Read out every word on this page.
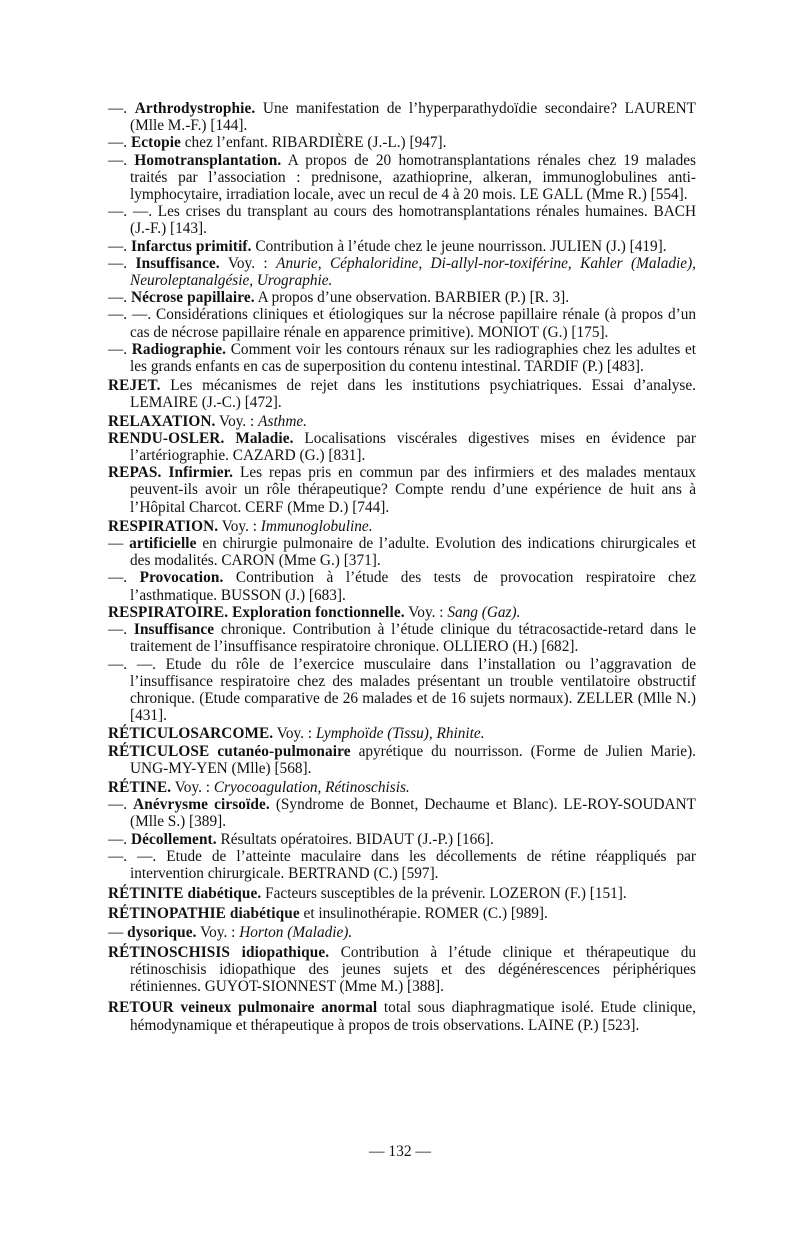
—. Arthrodystrophie. Une manifestation de l’hyperparathydoïdie secondaire? LAURENT (Mlle M.-F.) [144].

—. Ectopie chez l’enfant. RIBARDIÈRE (J.-L.) [947].

—. Homotransplantation. A propos de 20 homotransplantations rénales chez 19 malades traités par l’association : prednisone, azathioprine, alkeran, immunoglobulines anti-lymphocytaire, irradiation locale, avec un recul de 4 à 20 mois. LE GALL (Mme R.) [554].

—. —. Les crises du transplant au cours des homotransplantations rénales humaines. BACH (J.-F.) [143].

—. Infarctus primitif. Contribution à l’étude chez le jeune nourrisson. JULIEN (J.) [419].

—. Insuffisance. Voy. : Anurie, Céphaloridine, Di-allyl-nor-toxiférine, Kahler (Maladie), Neuroleptanalgésie, Urographie.

—. Nécrose papillaire. A propos d’une observation. BARBIER (P.) [R. 3].

—. —. Considérations cliniques et étiologiques sur la nécrose papillaire rénale (à propos d’un cas de nécrose papillaire rénale en apparence primitive). MONIOT (G.) [175].

—. Radiographie. Comment voir les contours rénaux sur les radiographies chez les adultes et les grands enfants en cas de superposition du contenu intestinal. TARDIF (P.) [483].

REJET. Les mécanismes de rejet dans les institutions psychiatriques. Essai d’analyse. LEMAIRE (J.-C.) [472].

RELAXATION. Voy. : Asthme.

RENDU-OSLER. Maladie. Localisations viscérales digestives mises en évidence par l’artériographie. CAZARD (G.) [831].

REPAS. Infirmier. Les repas pris en commun par des infirmiers et des malades mentaux peuvent-ils avoir un rôle thérapeutique? Compte rendu d’une expérience de huit ans à l’Hôpital Charcot. CERF (Mme D.) [744].

RESPIRATION. Voy. : Immunoglobuline.

— artificielle en chirurgie pulmonaire de l’adulte. Evolution des indications chirurgicales et des modalités. CARON (Mme G.) [371].

—. Provocation. Contribution à l’étude des tests de provocation respiratoire chez l’asthmatique. BUSSON (J.) [683].

RESPIRATOIRE. Exploration fonctionnelle. Voy. : Sang (Gaz).

—. Insuffisance chronique. Contribution à l’étude clinique du tétracosactide-retard dans le traitement de l’insuffisance respiratoire chronique. OLLIERO (H.) [682].

—. —. Etude du rôle de l’exercice musculaire dans l’installation ou l’aggravation de l’insuffisance respiratoire chez des malades présentant un trouble ventilatoire obstructif chronique. (Etude comparative de 26 malades et de 16 sujets normaux). ZELLER (Mlle N.) [431].

RÉTICULOSARCOME. Voy. : Lymphoïde (Tissu), Rhinite.

RÉTICULOSE cutanéo-pulmonaire apyrétique du nourrisson. (Forme de Julien Marie). UNG-MY-YEN (Mlle) [568].

RÉTINE. Voy. : Cryocoagulation, Rétinoschisis.

—. Anévrysme cirsoïde. (Syndrome de Bonnet, Dechaume et Blanc). LE-ROY-SOUDANT (Mlle S.) [389].

—. Décollement. Résultats opératoires. BIDAUT (J.-P.) [166].

—. —. Etude de l’atteinte maculaire dans les décollements de rétine réappliqués par intervention chirurgicale. BERTRAND (C.) [597].

RÉTINITE diabétique. Facteurs susceptibles de la prévenir. LOZERON (F.) [151].

RÉTINOPATHIE diabétique et insulinothérapie. ROMER (C.) [989].

— dysorique. Voy. : Horton (Maladie).

RÉTINOSCHISIS idiopathique. Contribution à l’étude clinique et thérapeutique du rétinoschisis idiopathique des jeunes sujets et des dégénérescences périphériques rétiniennes. GUYOT-SIONNEST (Mme M.) [388].

RETOUR veineux pulmonaire anormal total sous diaphragmatique isolé. Etude clinique, hémodynamique et thérapeutique à propos de trois observations. LAINE (P.) [523].

— 132 —
